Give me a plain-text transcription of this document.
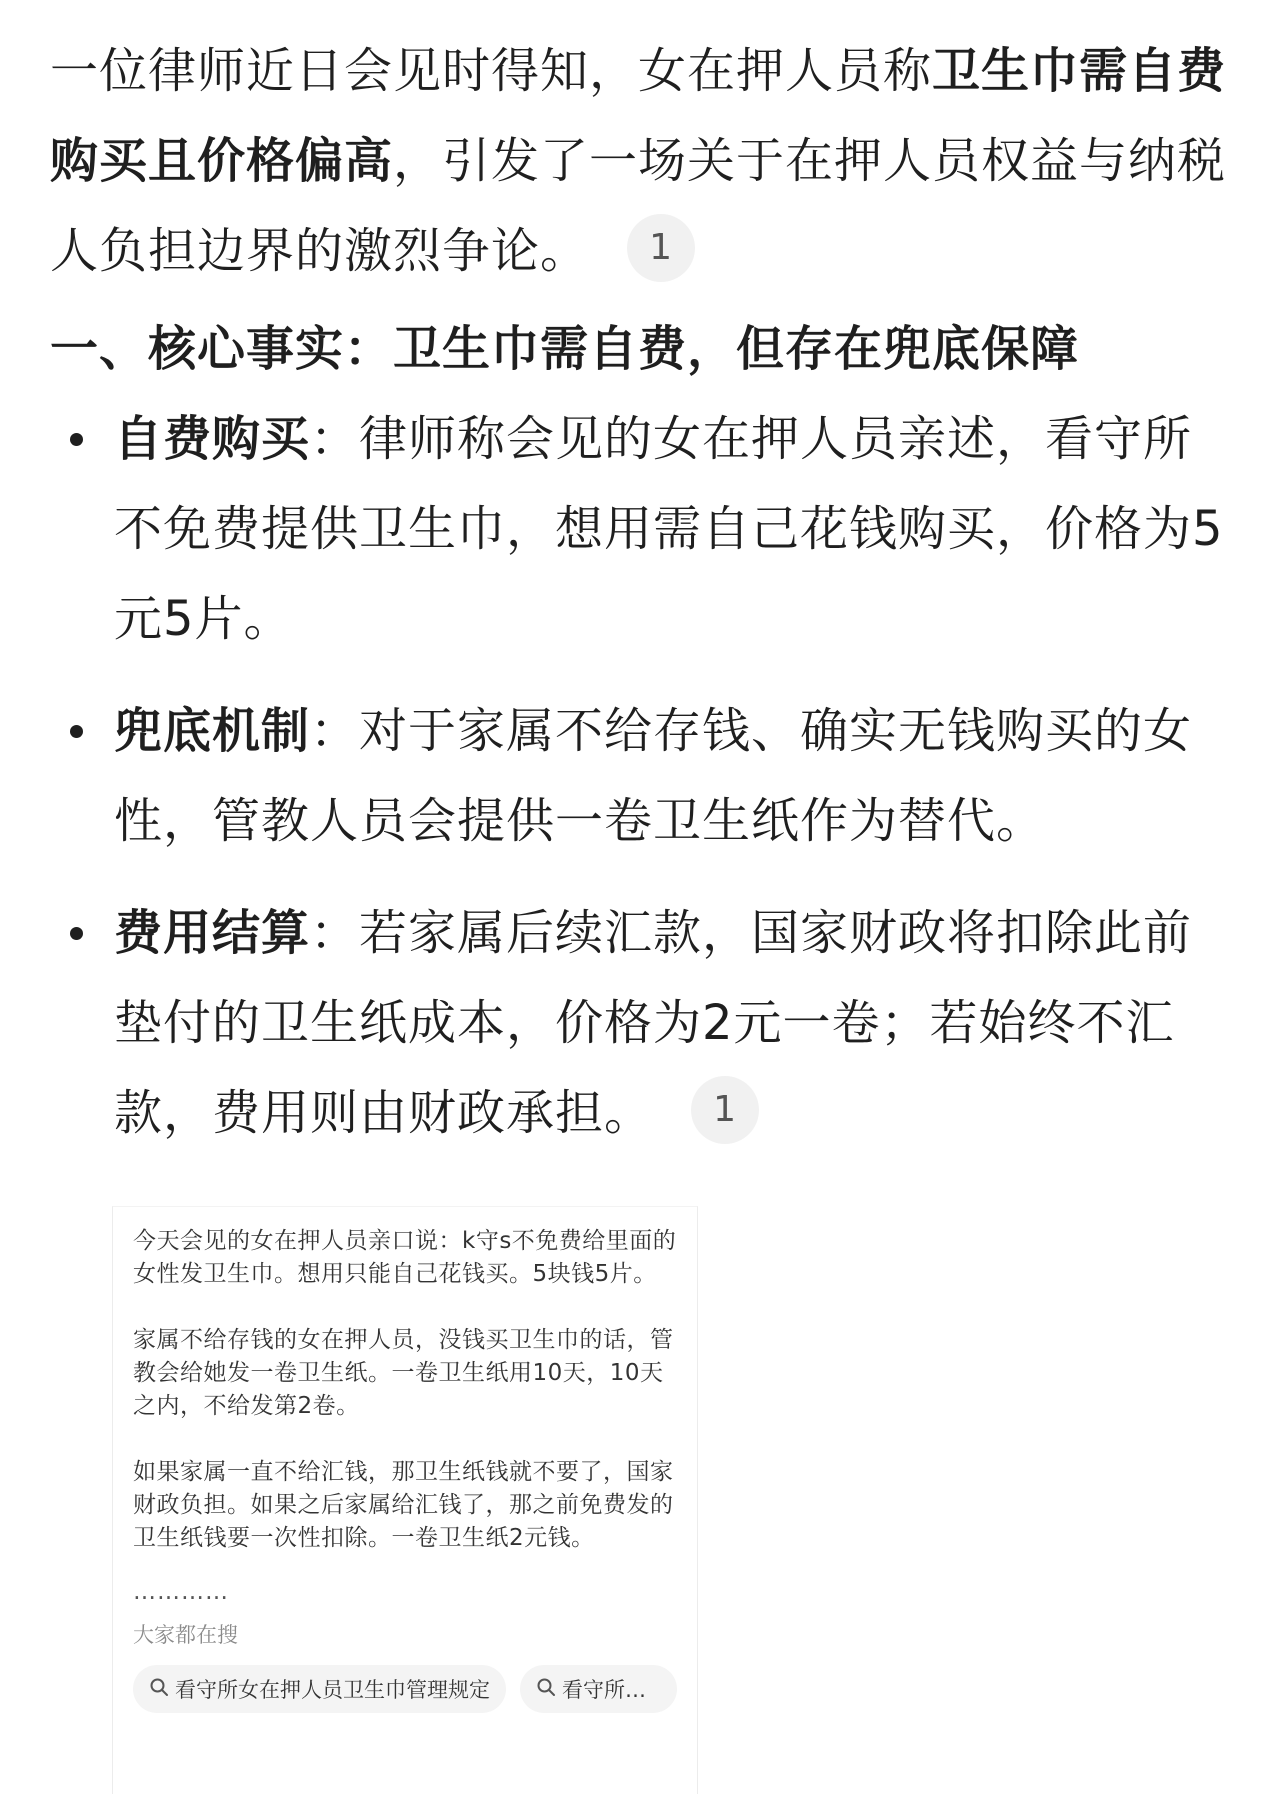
一位律师近日会见时得知，女在押人员称卫生巾需自费购买且价格偏高，引发了一场关于在押人员权益与纳税人负担边界的激烈争论。 1

一、核心事实：卫生巾需自费，但存在兜底保障
自费购买：律师称会见的女在押人员亲述，看守所不免费提供卫生巾，想用需自己花钱购买，价格为5元5片。
兜底机制：对于家属不给存钱、确实无钱购买的女性，管教人员会提供一卷卫生纸作为替代。
费用结算：若家属后续汇款，国家财政将扣除此前垫付的卫生纸成本，价格为2元一卷；若始终不汇款，费用则由财政承担。 1

今天会见的女在押人员亲口说：k守s不免费给里面的女性发卫生巾。想用只能自己花钱买。5块钱5片。

家属不给存钱的女在押人员，没钱买卫生巾的话，管教会给她发一卷卫生纸。一卷卫生纸用10天，10天之内，不给发第2卷。

如果家属一直不给汇钱，那卫生纸钱就不要了，国家财政负担。如果之后家属给汇钱了，那之前免费发的卫生纸钱要一次性扣除。一卷卫生纸2元钱。

…………
大家都在搜
看守所女在押人员卫生巾管理规定	看守所…
